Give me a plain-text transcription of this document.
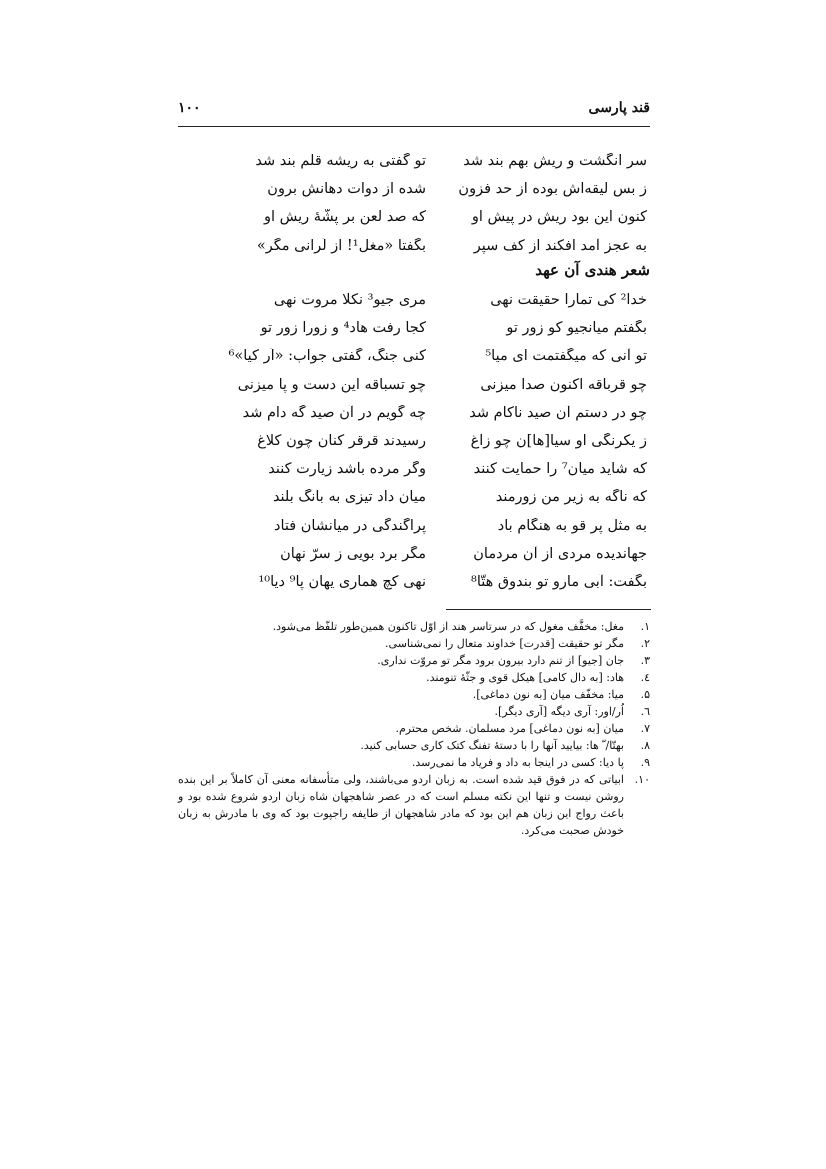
قند پارسی
۱۰۰
سر انگشت و ریش بهم بند شد
تو گفتی به ریشه قلم بند شد
ز بس لیقه‌اش بوده از حد فزون
شده از دوات دهانش برون
کنون این بود ریش در پیش او
که صد لعن بر پشّهٔ ریش او
به عجز آمد افکند از کف سپر
بگفتا «مغل¹! از لُرانی مگر»
شعر هندی آن عهد
خدا² کی تمارا حقیقت نهی
مری جیو³ نکلا مروت نهی
بگفتم میانجیو کو زور تو
کجا رفت هاد⁴ و زورا زور تو
تو آنی که میگفتمت ای میا⁵
کنی جنگ، گفتی جواب: «اُر کیا»⁶
چو قرباقه اکنون صدا میزنی
چو تسباقه این دست و پا میزنی
چو در دستم آن صید ناکام شد
چه گویم در آن صید گه دام شد
ز یکرنگی او سیا[ها]ن چو زاغ
رسیدند قرقر کنان چون کلاغ
که شاید میان⁷ را حمایت کنند
وگر مرده باشد زیارت کنند
که ناگه به زیر من زورمند
میان داد تیزی به بانگ بلند
به مثل پر قو به هنگام باد
پراگندگی در میانشان فتاد
جهاندیده مردی از آن مردمان
مگر برد بویی ز سرّ نهان
بگفت: آبی مارو تو بندوق هتّا⁸
نهی کچ هماری یهان پا⁹ دیا¹⁰
۱.
مغل: مخفَّف مغول که در سرتاسر هند از اوّل تاکنون همین‌طور تلفّظ می‌شود.
۲.
مگر تو حقیقت [قدرت] خداوند متعال را نمی‌شناسی.
۳.
جان [جیو] از تنم دارد بیرون برود مگر تو مروّت نداری.
٤.
هاد: [به دال کامی] هیکل قوی و جثّهٔ تنومند.
۵.
میا: مخفّف میان [به نون دماغی].
٦.
اُر/اور: آری دیگه [آری دیگر].
۷.
میان [به نون دماغی] مرد مسلمان. شخص محترم.
۸.
بهتّا/ ّ ها: بیایید آنها را با دستهٔ تفنگ کتک کاری حسابی کنید.
۹.
پا دیا: کسی در اینجا به داد و فریاد ما نمی‌رسد.
۱۰.
ابیاتی که در فوق قید شده است. به زبان اردو می‌باشند، ولی متأسفانه معنی آن کاملاً بر این بنده روشن نیست و تنها این نکته مسلم است که در عصر شاهجهان شاه زبان اردو شروع شده بود و باعث رواج این زبان هم این بود که مادر شاهجهان از طایفه راجپوت بود که وی با مادرش به زبان خودش صحبت می‌کرد.
